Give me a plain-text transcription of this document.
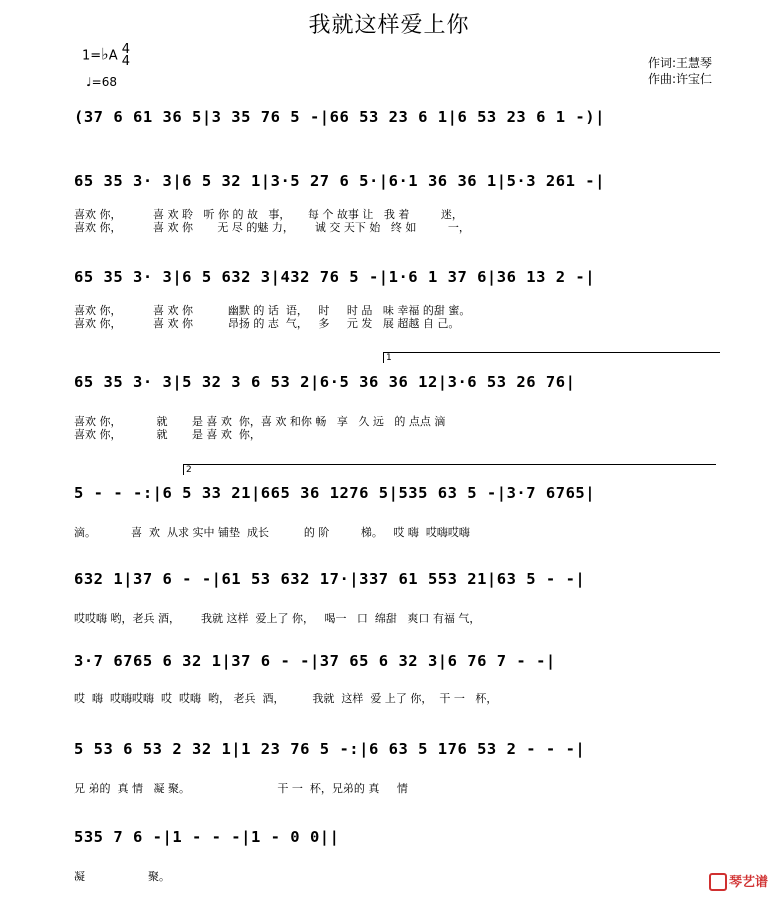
我就这样爱上你
1=♭A 4
4
♩=68
作词:王慧琴
作曲:许宝仁
(37 6 61 36 5|3 35 76 5 -|66 53 23 6 1|6 53 23 6 1 -)|
65 35 3· 3|6 5 32 1|3·5 27 6 5·|6·1 36 36 1|5·3 261 -|
喜欢 你，         喜 欢 聆   听 你 的 故   事，     每 个 故事 让   我 着         迷，
喜欢 你，         喜 欢 你       无 尽 的魅 力，      诚 交 天下 始   终 如         一，
65 35 3· 3|6 5 632 3|432 76 5 -|1·6 1 37 6|36 13 2 -|
喜欢 你，         喜 欢 你          幽默 的 话  语，   时     时 品   味 幸福 的甜 蜜。
喜欢 你，         喜 欢 你          昂扬 的 志  气，   多     元 发   展 超越 自 己。
1
65 35 3· 3|5 32 3 6 53 2|6·5 36 36 12|3·6 53 26 76|
喜欢 你，          就       是 喜 欢  你，喜 欢 和你 畅   享   久 远   的 点点 滴
喜欢 你，          就       是 喜 欢  你，
2
5 - - -:|6 5 33 21|665 36 1276 5|535 63 5 -|3·7 6765|
滴。          喜  欢  从求 实中 铺垫  成长          的 阶         梯。   哎 嗨  哎嗨哎嗨
632 1|37 6 - -|61 53 632 17·|337 61 553 21|63 5 - -|
哎哎嗨 哟，老兵 酒，      我就 这样  爱上了 你，   喝一   口  绵甜   爽口 有福 气，
3·7 6765 6 32 1|37 6 - -|37 65 6 32 3|6 76 7 - -|
哎  嗨  哎嗨哎嗨  哎  哎嗨  哟， 老兵  酒，        我就  这样  爱 上了 你，  干 一   杯，
5 53 6 53 2 32 1|1 23 76 5 -:|6 63 5 176 53 2 - - -|
兄 弟的  真 情   凝 聚。                         干 一  杯，兄弟的 真     情
535 7 6 -|1 - - -|1 - 0 0||
凝                  聚。	琴艺谱
